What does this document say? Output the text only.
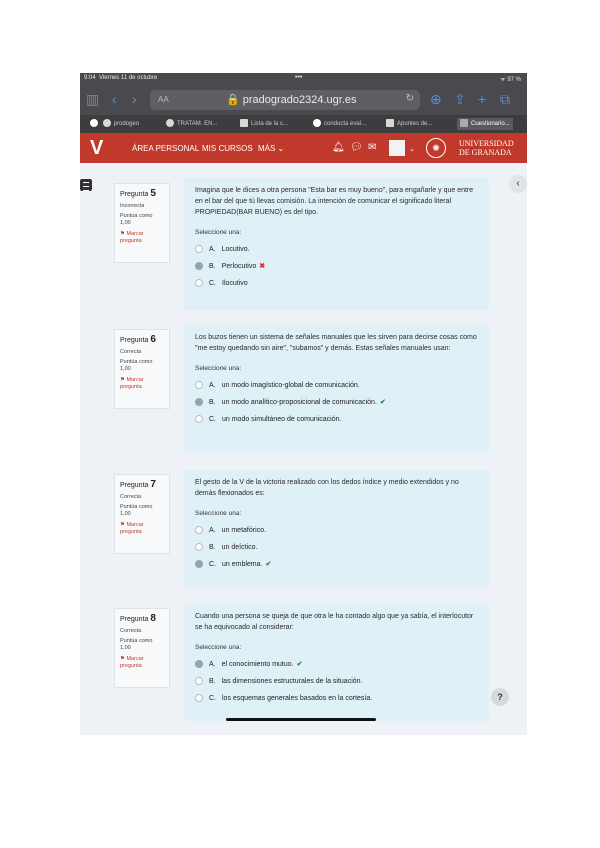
9:04 Viernes 11 de octubre	•••	ᯤ 97 %
▥ ‹ ›	AA	🔒 pradogrado2324.ugr.es	↻ ⊕ ⇪ + ⧉
prodogeo	TRATAM. EN...	Lista de la c...	conducta eval...	Apuntes de...	Cuestionario...
V	ÁREA PERSONAL MIS CURSOS MÁS ⌄	🔔︎ 💬︎ ✉	⌄	✺	UNIVERSIDAD
DE GRANADA
‹
Pregunta 5
Incorrecta
Puntúa como 1,00
⚑ Marcar pregunta
Imagina que le dices a otra persona "Esta bar es muy bueno", para engañarle y que entre en el bar del que tú llevas comisión. La intención de comunicar el significado literal PROPIEDAD(BAR BUENO) es del tipo.
Seleccione una:
A. Locutivo.
B. Perlocutivo ✖
C. Ilocutivo
Pregunta 6
Correcta
Puntúa como 1,00
⚑ Marcar pregunta
Los buzos tienen un sistema de señales manuales que les sirven para decirse cosas como "me estoy quedando sin aire", "subamos" y demás. Estas señales manuales usan:
Seleccione una:
A. un modo imagístico-global de comunicación.
B. un modo analítico-proposicional de comunicación. ✔
C. un modo simultáneo de comunicación.
Pregunta 7
Correcta
Puntúa como 1,00
⚑ Marcar pregunta
El gesto de la V de la victoria realizado con los dedos índice y medio extendidos y no demás flexionados es:
Seleccione una:
A. un metafórico.
B. un deíctico.
C. un emblema. ✔
Pregunta 8
Correcta
Puntúa como 1,00
⚑ Marcar pregunta
Cuando una persona se queja de que otra le ha contado algo que ya sabía, el interlocutor se ha equivocado al considerar:
Seleccione una:
A. el conocimiento mutuo. ✔
B. las dimensiones estructurales de la situación.
C. los esquemas generales basados en la cortesía.	?
